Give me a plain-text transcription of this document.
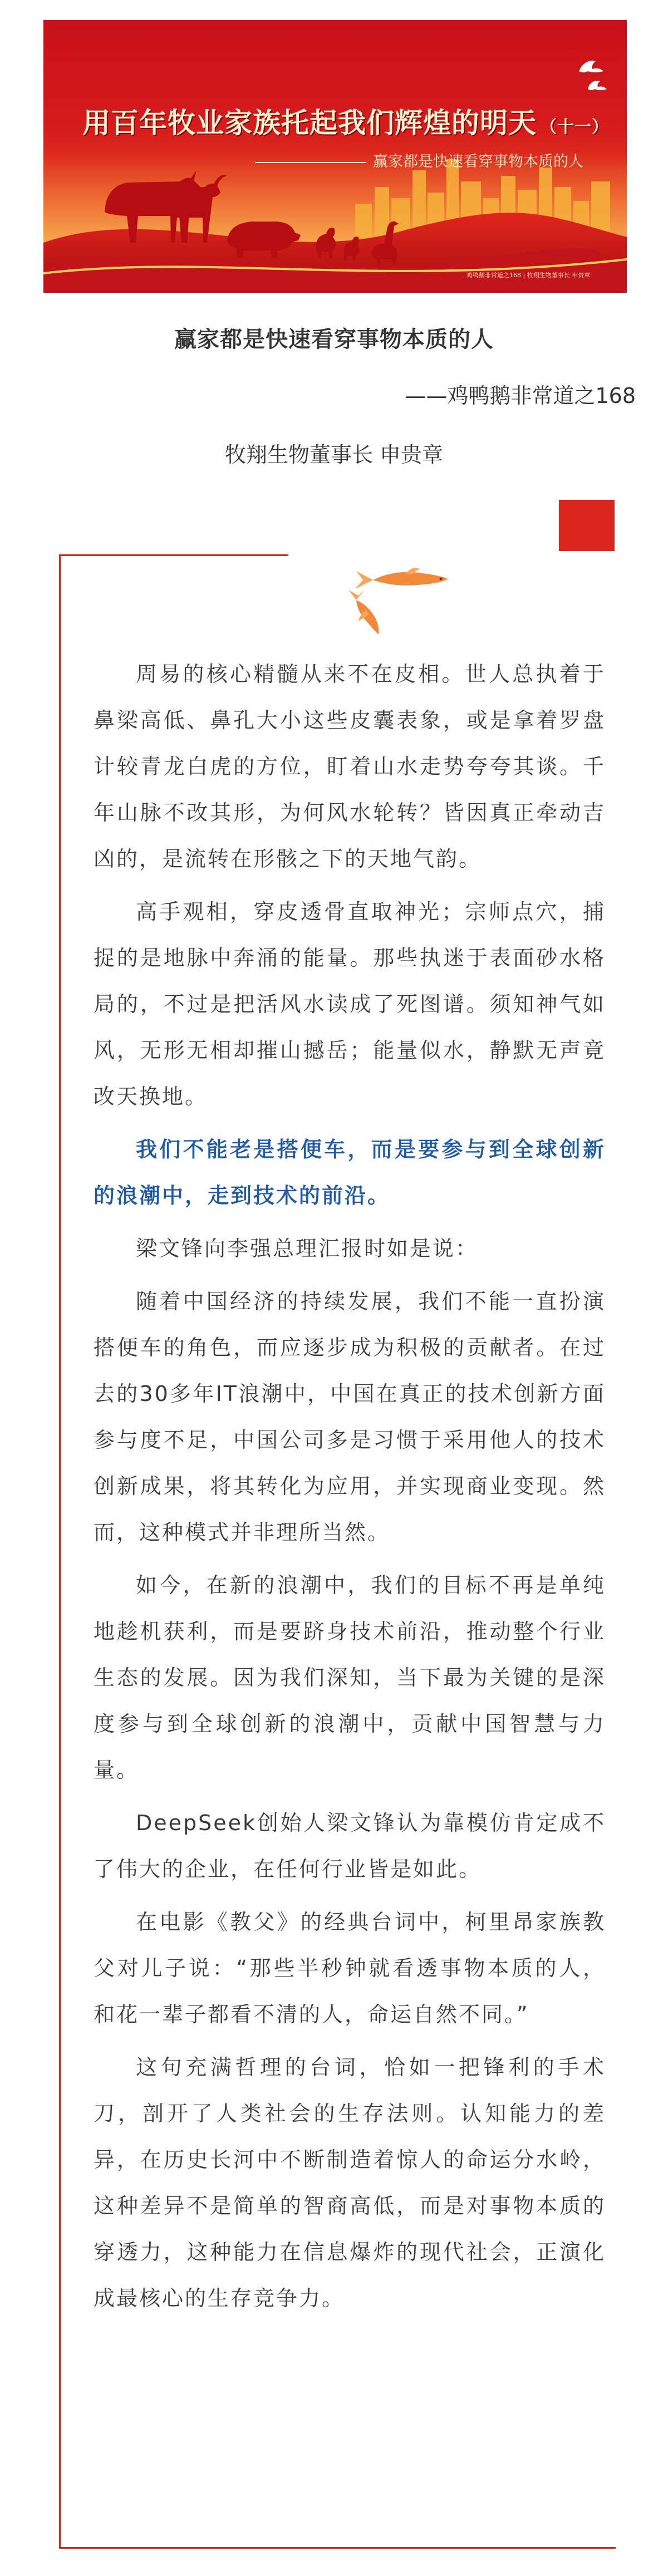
用百年牧业家族托起我们辉煌的明天 （十一）
赢家都是快速看穿事物本质的人
鸡鸭鹅非常道之168 | 牧翔生物董事长 申贵章
赢家都是快速看穿事物本质的人
——鸡鸭鹅非常道之168
牧翔生物董事长 申贵章

周易的核心精髓从来不在皮相。世人总执着于鼻梁高低、鼻孔大小这些皮囊表象，或是拿着罗盘计较青龙白虎的方位，盯着山水走势夸夸其谈。千年山脉不改其形，为何风水轮转？皆因真正牵动吉凶的，是流转在形骸之下的天地气韵。

高手观相，穿皮透骨直取神光；宗师点穴，捕捉的是地脉中奔涌的能量。那些执迷于表面砂水格局的，不过是把活风水读成了死图谱。须知神气如风，无形无相却摧山撼岳；能量似水，静默无声竟改天换地。

我们不能老是搭便车，而是要参与到全球创新的浪潮中，走到技术的前沿。

梁文锋向李强总理汇报时如是说：

随着中国经济的持续发展，我们不能一直扮演搭便车的角色，而应逐步成为积极的贡献者。在过去的30多年IT浪潮中，中国在真正的技术创新方面参与度不足，中国公司多是习惯于采用他人的技术创新成果，将其转化为应用，并实现商业变现。然而，这种模式并非理所当然。

如今，在新的浪潮中，我们的目标不再是单纯地趁机获利，而是要跻身技术前沿，推动整个行业生态的发展。因为我们深知，当下最为关键的是深度参与到全球创新的浪潮中，贡献中国智慧与力量。

DeepSeek创始人梁文锋认为靠模仿肯定成不了伟大的企业，在任何行业皆是如此。

在电影《教父》的经典台词中，柯里昂家族教父对儿子说：“那些半秒钟就看透事物本质的人，和花一辈子都看不清的人，命运自然不同。”

这句充满哲理的台词，恰如一把锋利的手术刀，剖开了人类社会的生存法则。认知能力的差异，在历史长河中不断制造着惊人的命运分水岭，这种差异不是简单的智商高低，而是对事物本质的穿透力，这种能力在信息爆炸的现代社会，正演化成最核心的生存竞争力。
